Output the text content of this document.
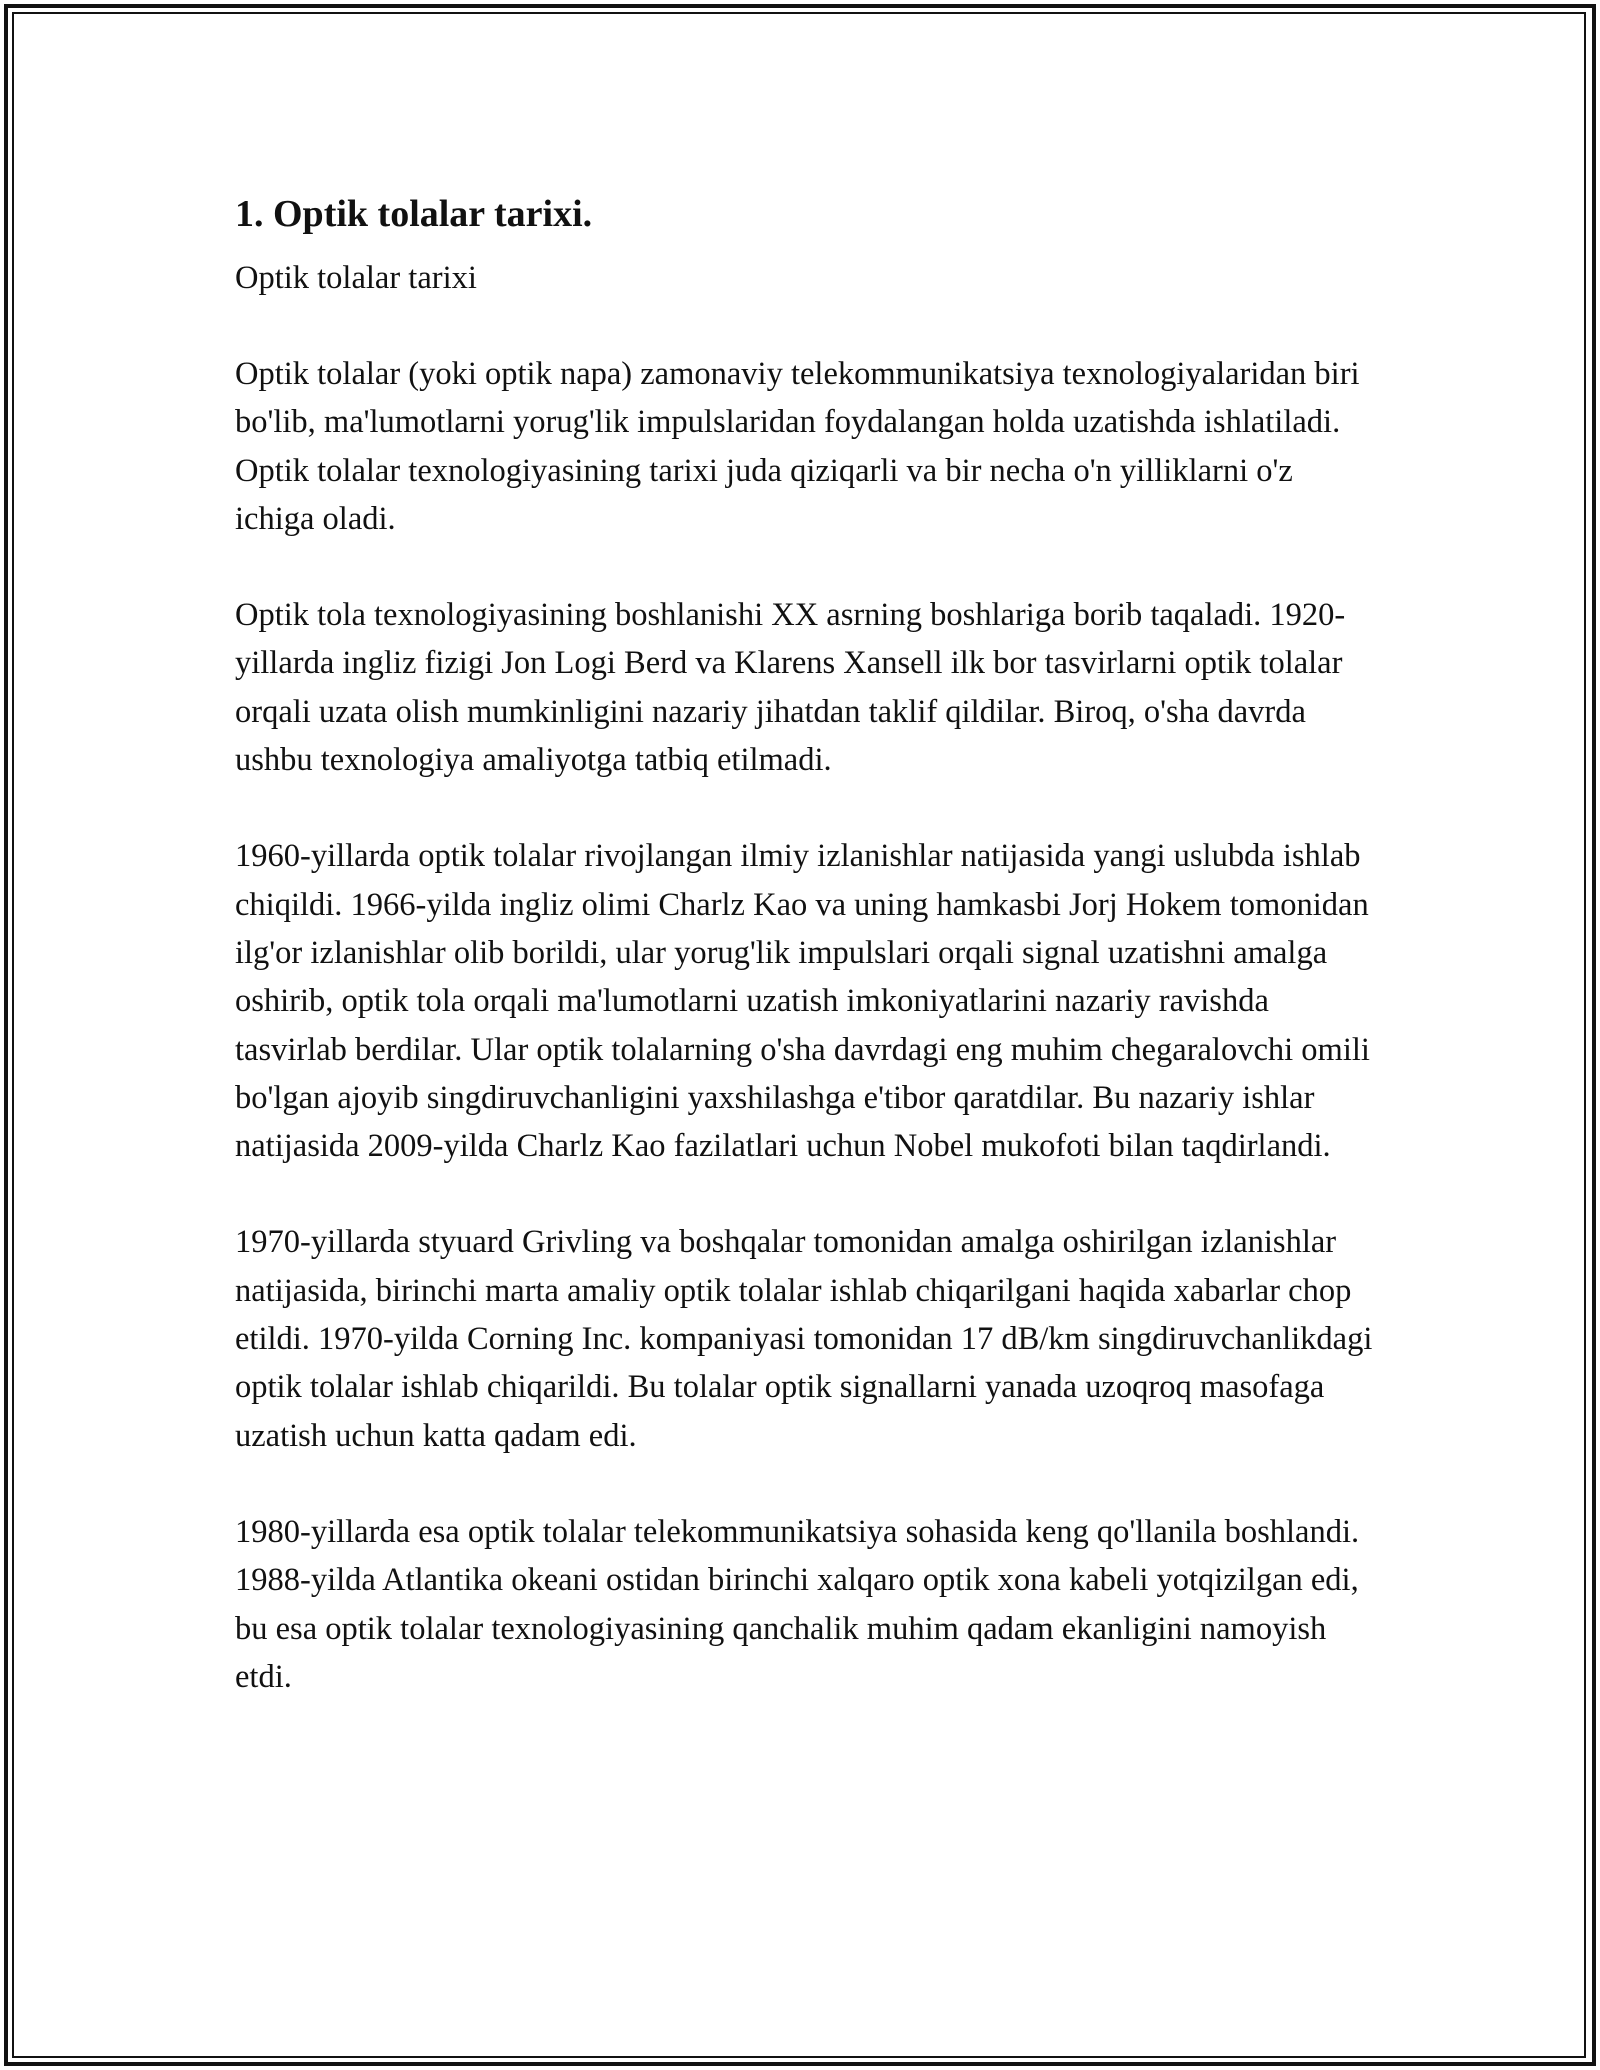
1. Optik tolalar tarixi.

Optik tolalar tarixi

Optik tolalar (yoki optik napa) zamonaviy telekommunikatsiya texnologiyalaridan biri bo'lib, ma'lumotlarni yorug'lik impulslaridan foydalangan holda uzatishda ishlatiladi. Optik tolalar texnologiyasining tarixi juda qiziqarli va bir necha o'n yilliklarni o'z ichiga oladi.

Optik tola texnologiyasining boshlanishi XX asrning boshlariga borib taqaladi. 1920-yillarda ingliz fizigi Jon Logi Berd va Klarens Xansell ilk bor tasvirlarni optik tolalar orqali uzata olish mumkinligini nazariy jihatdan taklif qildilar. Biroq, o'sha davrda ushbu texnologiya amaliyotga tatbiq etilmadi.

1960-yillarda optik tolalar rivojlangan ilmiy izlanishlar natijasida yangi uslubda ishlab chiqildi. 1966-yilda ingliz olimi Charlz Kao va uning hamkasbi Jorj Hokem tomonidan ilg'or izlanishlar olib borildi, ular yorug'lik impulslari orqali signal uzatishni amalga oshirib, optik tola orqali ma'lumotlarni uzatish imkoniyatlarini nazariy ravishda tasvirlab berdilar. Ular optik tolalarning o'sha davrdagi eng muhim chegaralovchi omili bo'lgan ajoyib singdiruvchanligini yaxshilashga e'tibor qaratdilar. Bu nazariy ishlar natijasida 2009-yilda Charlz Kao fazilatlari uchun Nobel mukofoti bilan taqdirlandi.

1970-yillarda styuard Grivling va boshqalar tomonidan amalga oshirilgan izlanishlar natijasida, birinchi marta amaliy optik tolalar ishlab chiqarilgani haqida xabarlar chop etildi. 1970-yilda Corning Inc. kompaniyasi tomonidan 17 dB/km singdiruvchanlikdagi optik tolalar ishlab chiqarildi. Bu tolalar optik signallarni yanada uzoqroq masofaga uzatish uchun katta qadam edi.

1980-yillarda esa optik tolalar telekommunikatsiya sohasida keng qo'llanila boshlandi. 1988-yilda Atlantika okeani ostidan birinchi xalqaro optik xona kabeli yotqizilgan edi, bu esa optik tolalar texnologiyasining qanchalik muhim qadam ekanligini namoyish etdi.
